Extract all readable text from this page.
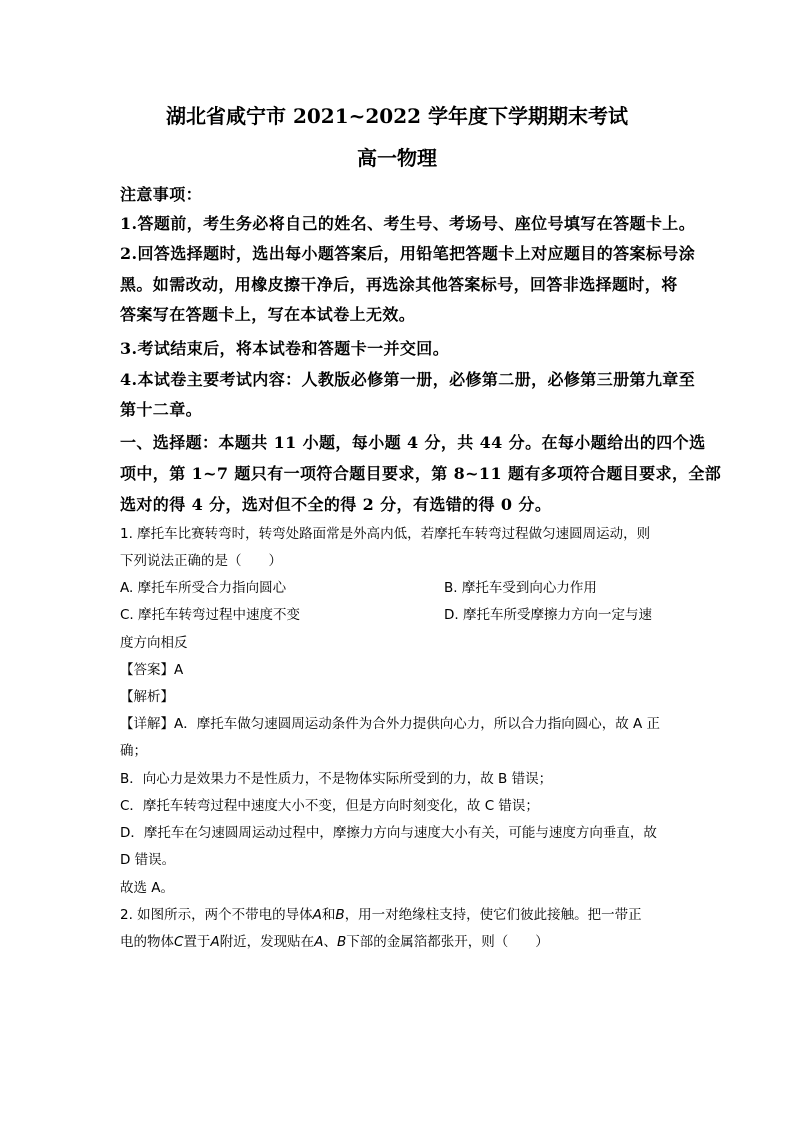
湖北省咸宁市 2021~2022 学年度下学期期末考试
高一物理
注意事项：
1.答题前，考生务必将自己的姓名、考生号、考场号、座位号填写在答题卡上。
2.回答选择题时，选出每小题答案后，用铅笔把答题卡上对应题目的答案标号涂
黑。如需改动，用橡皮擦干净后，再选涂其他答案标号，回答非选择题时，将
答案写在答题卡上，写在本试卷上无效。
3.考试结束后，将本试卷和答题卡一并交回。
4.本试卷主要考试内容：人教版必修第一册，必修第二册，必修第三册第九章至
第十二章。
一、选择题：本题共 11 小题，每小题 4 分，共 44 分。在每小题给出的四个选
项中，第 1~7 题只有一项符合题目要求，第 8~11 题有多项符合题目要求，全部
选对的得 4 分，选对但不全的得 2 分，有选错的得 0 分。
1. 摩托车比赛转弯时，转弯处路面常是外高内低，若摩托车转弯过程做匀速圆周运动，则
下列说法正确的是（　　）
A. 摩托车所受合力指向圆心	B. 摩托车受到向心力作用
C. 摩托车转弯过程中速度不变	D. 摩托车所受摩擦力方向一定与速
度方向相反
【答案】A
【解析】
【详解】A．摩托车做匀速圆周运动条件为合外力提供向心力，所以合力指向圆心，故 A 正
确；
B．向心力是效果力不是性质力，不是物体实际所受到的力，故 B 错误；
C．摩托车转弯过程中速度大小不变，但是方向时刻变化，故 C 错误；
D．摩托车在匀速圆周运动过程中，摩擦力方向与速度大小有关，可能与速度方向垂直，故
D 错误。
故选 A。
2. 如图所示，两个不带电的导体A和B，用一对绝缘柱支持，使它们彼此接触。把一带正
电的物体C置于A附近，发现贴在A、B下部的金属箔都张开，则（　　）
